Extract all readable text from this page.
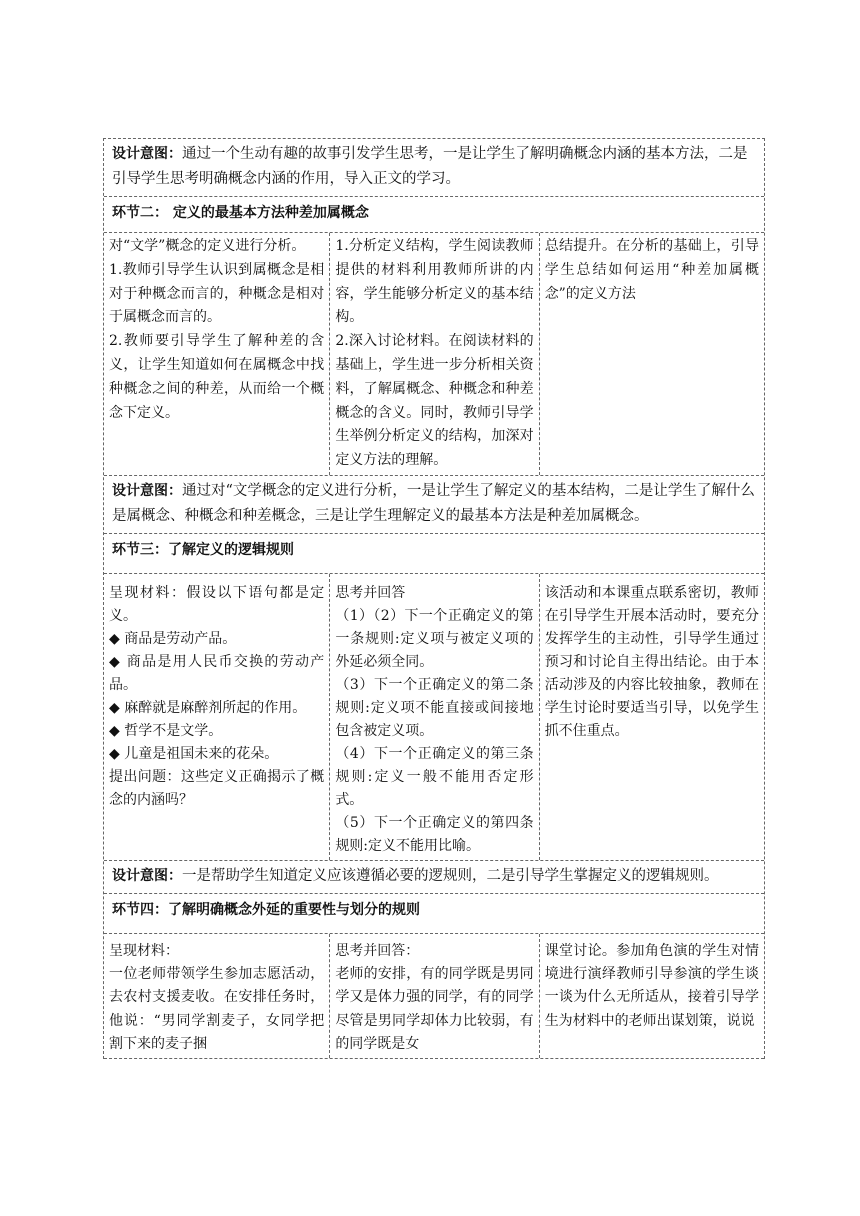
设计意图：通过一个生动有趣的故事引发学生思考，一是让学生了解明确概念内涵的基本方法，二是引导学生思考明确概念内涵的作用，导入正文的学习。
环节二： 定义的最基本方法种差加属概念
对“文学”概念的定义进行分析。
1.教师引导学生认识到属概念是相对于种概念而言的，种概念是相对于属概念而言的。
2.教师要引导学生了解种差的含义，让学生知道如何在属概念中找种概念之间的种差，从而给一个概念下定义。
1.分析定义结构，学生阅读教师提供的材料利用教师所讲的内容，学生能够分析定义的基本结构。
2.深入讨论材料。在阅读材料的基础上，学生进一步分析相关资料，了解属概念、种概念和种差概念的含义。同时，教师引导学生举例分析定义的结构，加深对定义方法的理解。
总结提升。在分析的基础上，引导学生总结如何运用“种差加属概念”的定义方法
设计意图：通过对“文学概念的定义进行分析，一是让学生了解定义的基本结构，二是让学生了解什么是属概念、种概念和种差概念，三是让学生理解定义的最基本方法是种差加属概念。
环节三：了解定义的逻辑规则
呈现材料：假设以下语句都是定义。
◆ 商品是劳动产品。
◆ 商品是用人民币交换的劳动产品。
◆ 麻醉就是麻醉剂所起的作用。
◆ 哲学不是文学。
◆ 儿童是祖国未来的花朵。
提出问题：这些定义正确揭示了概念的内涵吗？
思考并回答
（1）（2）下一个正确定义的第一条规则:定义项与被定义项的外延必须全同。
（3）下一个正确定义的第二条规则:定义项不能直接或间接地包含被定义项。
（4）下一个正确定义的第三条规则:定义一般不能用否定形式。
（5）下一个正确定义的第四条规则:定义不能用比喻。
该活动和本课重点联系密切，教师在引导学生开展本活动时，要充分发挥学生的主动性，引导学生通过预习和讨论自主得出结论。由于本活动涉及的内容比较抽象，教师在学生讨论时要适当引导，以免学生抓不住重点。
设计意图：一是帮助学生知道定义应该遵循必要的逻规则，二是引导学生掌握定义的逻辑规则。
环节四：了解明确概念外延的重要性与划分的规则
呈现材料：
一位老师带领学生参加志愿活动，去农村支援麦收。在安排任务时，他说：“男同学割麦子，女同学把割下来的麦子捆
思考并回答：
老师的安排，有的同学既是男同学又是体力强的同学，有的同学尽管是男同学却体力比较弱，有的同学既是女
课堂讨论。参加角色演的学生对情境进行演绎教师引导参演的学生谈一谈为什么无所适从，接着引导学生为材料中的老师出谋划策，说说
